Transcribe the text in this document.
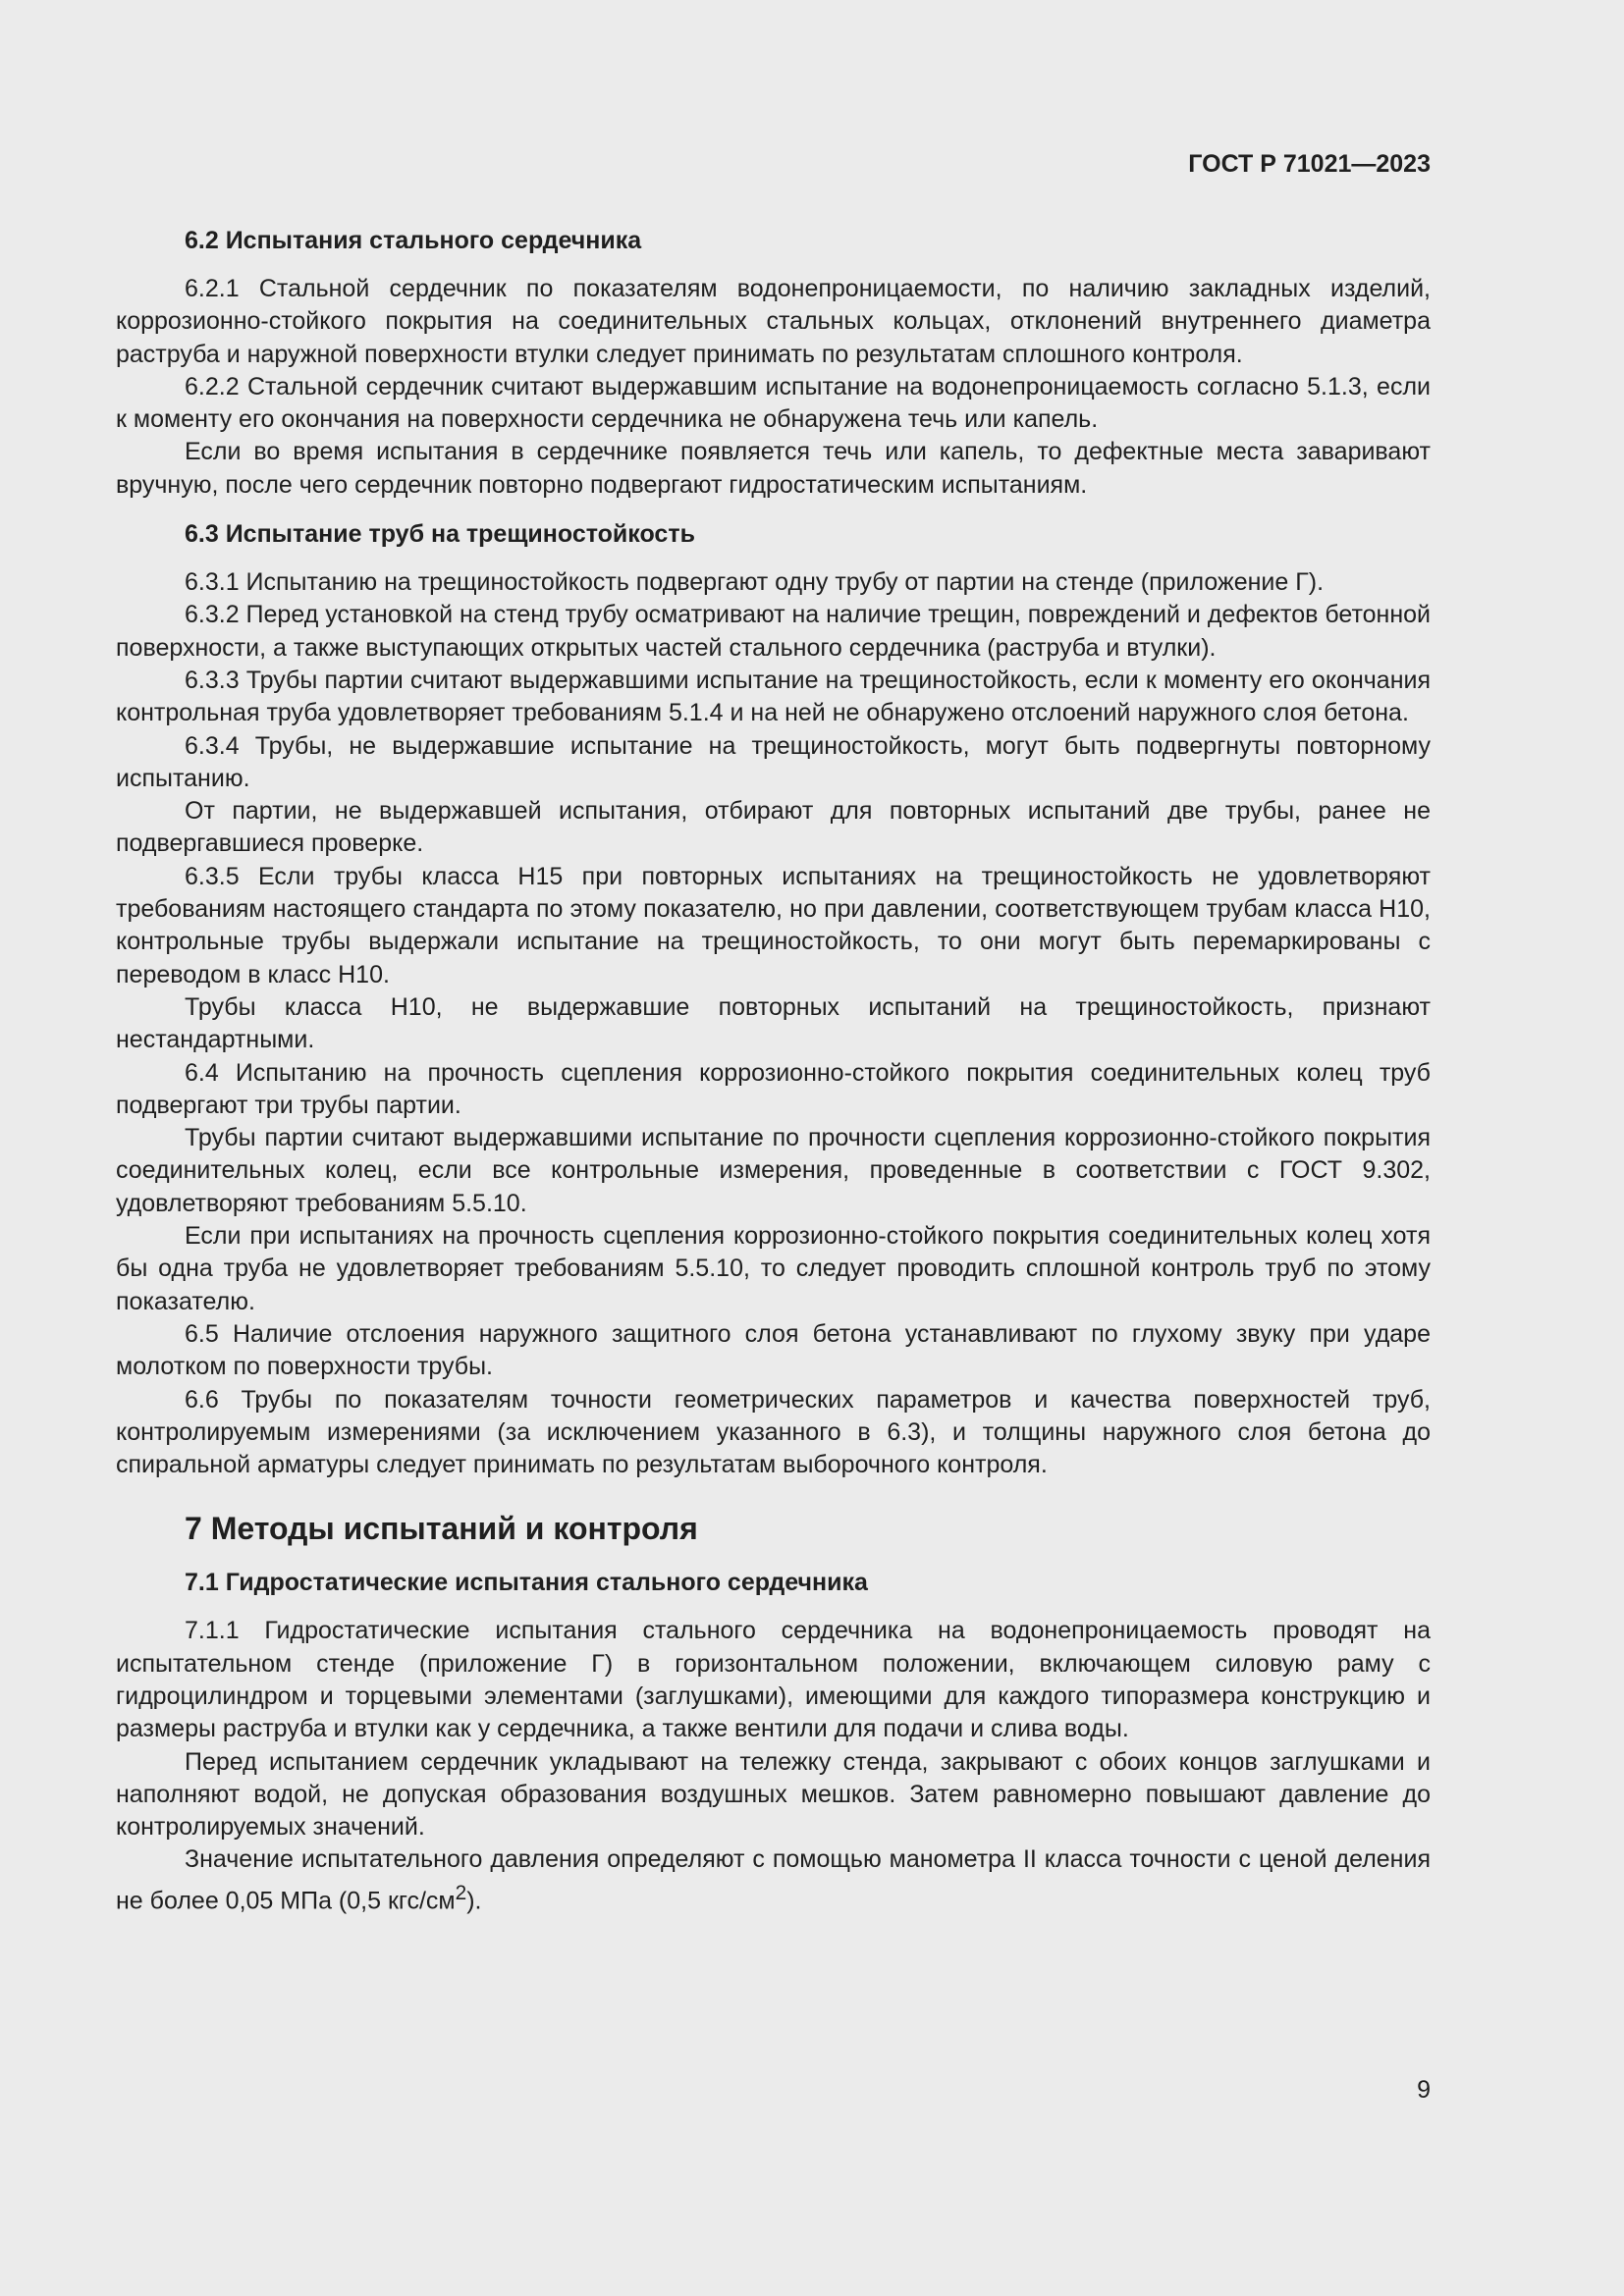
ГОСТ Р 71021—2023
6.2 Испытания стального сердечника

6.2.1 Стальной сердечник по показателям водонепроницаемости, по наличию закладных изделий, коррозионно-стойкого покрытия на соединительных стальных кольцах, отклонений внутреннего диаметра раструба и наружной поверхности втулки следует принимать по результатам сплошного контроля.

6.2.2 Стальной сердечник считают выдержавшим испытание на водонепроницаемость согласно 5.1.3, если к моменту его окончания на поверхности сердечника не обнаружена течь или капель.

Если во время испытания в сердечнике появляется течь или капель, то дефектные места заваривают вручную, после чего сердечник повторно подвергают гидростатическим испытаниям.

6.3 Испытание труб на трещиностойкость

6.3.1 Испытанию на трещиностойкость подвергают одну трубу от партии на стенде (приложение Г).

6.3.2 Перед установкой на стенд трубу осматривают на наличие трещин, повреждений и дефектов бетонной поверхности, а также выступающих открытых частей стального сердечника (раструба и втулки).

6.3.3 Трубы партии считают выдержавшими испытание на трещиностойкость, если к моменту его окончания контрольная труба удовлетворяет требованиям 5.1.4 и на ней не обнаружено отслоений наружного слоя бетона.

6.3.4 Трубы, не выдержавшие испытание на трещиностойкость, могут быть подвергнуты повторному испытанию.

От партии, не выдержавшей испытания, отбирают для повторных испытаний две трубы, ранее не подвергавшиеся проверке.

6.3.5 Если трубы класса Н15 при повторных испытаниях на трещиностойкость не удовлетворяют требованиям настоящего стандарта по этому показателю, но при давлении, соответствующем трубам класса Н10, контрольные трубы выдержали испытание на трещиностойкость, то они могут быть перемаркированы с переводом в класс Н10.

Трубы класса Н10, не выдержавшие повторных испытаний на трещиностойкость, признают нестандартными.

6.4 Испытанию на прочность сцепления коррозионно-стойкого покрытия соединительных колец труб подвергают три трубы партии.

Трубы партии считают выдержавшими испытание по прочности сцепления коррозионно-стойкого покрытия соединительных колец, если все контрольные измерения, проведенные в соответствии с ГОСТ 9.302, удовлетворяют требованиям 5.5.10.

Если при испытаниях на прочность сцепления коррозионно-стойкого покрытия соединительных колец хотя бы одна труба не удовлетворяет требованиям 5.5.10, то следует проводить сплошной контроль труб по этому показателю.

6.5 Наличие отслоения наружного защитного слоя бетона устанавливают по глухому звуку при ударе молотком по поверхности трубы.

6.6 Трубы по показателям точности геометрических параметров и качества поверхностей труб, контролируемым измерениями (за исключением указанного в 6.3), и толщины наружного слоя бетона до спиральной арматуры следует принимать по результатам выборочного контроля.

7 Методы испытаний и контроля
7.1 Гидростатические испытания стального сердечника

7.1.1 Гидростатические испытания стального сердечника на водонепроницаемость проводят на испытательном стенде (приложение Г) в горизонтальном положении, включающем силовую раму с гидроцилиндром и торцевыми элементами (заглушками), имеющими для каждого типоразмера конструкцию и размеры раструба и втулки как у сердечника, а также вентили для подачи и слива воды.

Перед испытанием сердечник укладывают на тележку стенда, закрывают с обоих концов заглушками и наполняют водой, не допуская образования воздушных мешков. Затем равномерно повышают давление до контролируемых значений.

Значение испытательного давления определяют с помощью манометра II класса точности с ценой деления не более 0,05 МПа (0,5 кгс/$см^2$).

9
